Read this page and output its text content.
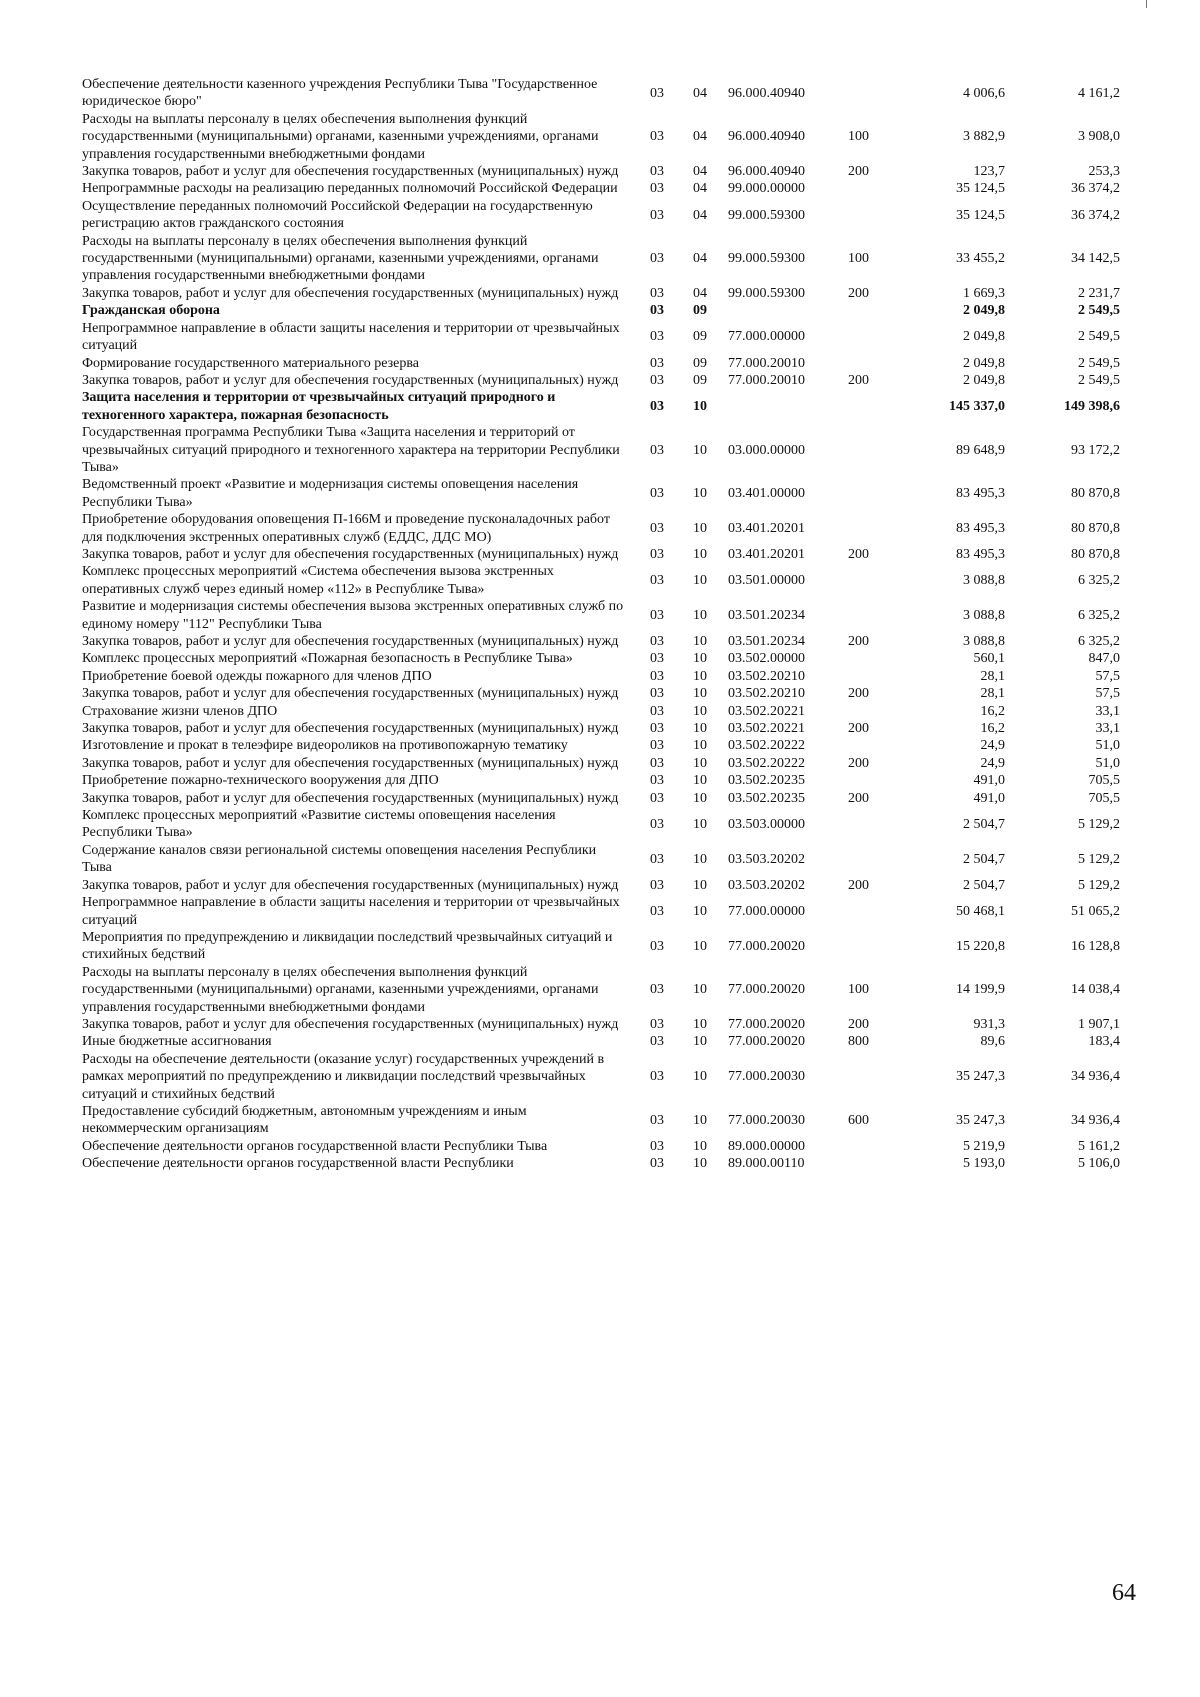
Обеспечение деятельности казенного учреждения Республики Тыва "Государственное юридическое бюро"	03	04	96.000.40940		4 006,6	4 161,2
Расходы на выплаты персоналу в целях обеспечения выполнения функций государственными (муниципальными) органами, казенными учреждениями, органами управления государственными внебюджетными фондами	03	04	96.000.40940	100	3 882,9	3 908,0
Закупка товаров, работ и услуг для обеспечения государственных (муниципальных) нужд	03	04	96.000.40940	200	123,7	253,3
Непрограммные расходы на реализацию переданных полномочий Российской Федерации	03	04	99.000.00000		35 124,5	36 374,2
Осуществление переданных полномочий Российской Федерации на государственную регистрацию актов гражданского состояния	03	04	99.000.59300		35 124,5	36 374,2
Расходы на выплаты персоналу в целях обеспечения выполнения функций государственными (муниципальными) органами, казенными учреждениями, органами управления государственными внебюджетными фондами	03	04	99.000.59300	100	33 455,2	34 142,5
Закупка товаров, работ и услуг для обеспечения государственных (муниципальных) нужд	03	04	99.000.59300	200	1 669,3	2 231,7
Гражданская оборона	03	09			2 049,8	2 549,5
Непрограммное направление в области защиты населения и территории от чрезвычайных ситуаций	03	09	77.000.00000		2 049,8	2 549,5
Формирование государственного материального резерва	03	09	77.000.20010		2 049,8	2 549,5
Закупка товаров, работ и услуг для обеспечения государственных (муниципальных) нужд	03	09	77.000.20010	200	2 049,8	2 549,5
Защита населения и территории от чрезвычайных ситуаций природного и техногенного характера, пожарная безопасность	03	10			145 337,0	149 398,6
Государственная программа Республики Тыва «Защита населения и территорий от чрезвычайных ситуаций природного и техногенного характера на территории Республики Тыва»	03	10	03.000.00000		89 648,9	93 172,2
Ведомственный проект «Развитие и модернизация системы оповещения населения Республики Тыва»	03	10	03.401.00000		83 495,3	80 870,8
Приобретение оборудования оповещения П-166М и проведение пусконаладочных работ для подключения экстренных оперативных служб (ЕДДС, ДДС МО)	03	10	03.401.20201		83 495,3	80 870,8
Закупка товаров, работ и услуг для обеспечения государственных (муниципальных) нужд	03	10	03.401.20201	200	83 495,3	80 870,8
Комплекс процессных мероприятий «Система обеспечения вызова экстренных оперативных служб через единый номер «112» в Республике Тыва»	03	10	03.501.00000		3 088,8	6 325,2
Развитие и модернизация системы обеспечения вызова экстренных оперативных служб по единому номеру "112" Республики Тыва	03	10	03.501.20234		3 088,8	6 325,2
Закупка товаров, работ и услуг для обеспечения государственных (муниципальных) нужд	03	10	03.501.20234	200	3 088,8	6 325,2
Комплекс процессных мероприятий «Пожарная безопасность в Республике Тыва»	03	10	03.502.00000		560,1	847,0
Приобретение боевой одежды пожарного для членов ДПО	03	10	03.502.20210		28,1	57,5
Закупка товаров, работ и услуг для обеспечения государственных (муниципальных) нужд	03	10	03.502.20210	200	28,1	57,5
Страхование жизни членов ДПО	03	10	03.502.20221		16,2	33,1
Закупка товаров, работ и услуг для обеспечения государственных (муниципальных) нужд	03	10	03.502.20221	200	16,2	33,1
Изготовление и прокат в телеэфире видеороликов на противопожарную тематику	03	10	03.502.20222		24,9	51,0
Закупка товаров, работ и услуг для обеспечения государственных (муниципальных) нужд	03	10	03.502.20222	200	24,9	51,0
Приобретение пожарно-технического вооружения для ДПО	03	10	03.502.20235		491,0	705,5
Закупка товаров, работ и услуг для обеспечения государственных (муниципальных) нужд	03	10	03.502.20235	200	491,0	705,5
Комплекс процессных мероприятий «Развитие системы оповещения населения Республики Тыва»	03	10	03.503.00000		2 504,7	5 129,2
Содержание каналов связи региональной системы оповещения населения Республики Тыва	03	10	03.503.20202		2 504,7	5 129,2
Закупка товаров, работ и услуг для обеспечения государственных (муниципальных) нужд	03	10	03.503.20202	200	2 504,7	5 129,2
Непрограммное направление в области защиты населения и территории от чрезвычайных ситуаций	03	10	77.000.00000		50 468,1	51 065,2
Мероприятия по предупреждению и ликвидации последствий чрезвычайных ситуаций и стихийных бедствий	03	10	77.000.20020		15 220,8	16 128,8
Расходы на выплаты персоналу в целях обеспечения выполнения функций государственными (муниципальными) органами, казенными учреждениями, органами управления государственными внебюджетными фондами	03	10	77.000.20020	100	14 199,9	14 038,4
Закупка товаров, работ и услуг для обеспечения государственных (муниципальных) нужд	03	10	77.000.20020	200	931,3	1 907,1
Иные бюджетные ассигнования	03	10	77.000.20020	800	89,6	183,4
Расходы на обеспечение деятельности (оказание услуг) государственных учреждений в рамках мероприятий по предупреждению и ликвидации последствий чрезвычайных ситуаций и стихийных бедствий	03	10	77.000.20030		35 247,3	34 936,4
Предоставление субсидий бюджетным, автономным учреждениям и иным некоммерческим организациям	03	10	77.000.20030	600	35 247,3	34 936,4
Обеспечение деятельности органов государственной власти Республики Тыва	03	10	89.000.00000		5 219,9	5 161,2
Обеспечение деятельности органов государственной власти Республики	03	10	89.000.00110		5 193,0	5 106,0
64
